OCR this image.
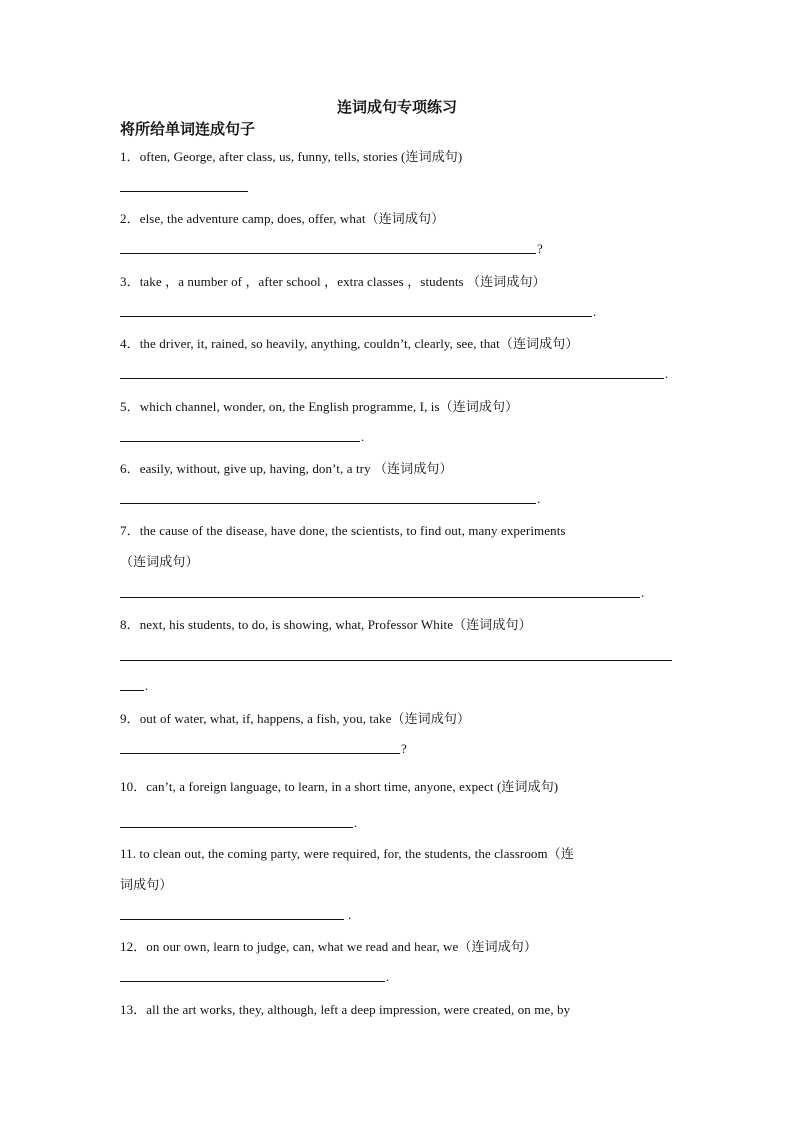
连词成句专项练习
将所给单词连成句子
1．often, George, after class, us, funny, tells, stories (连词成句)
2．else, the adventure camp, does, offer, what（连词成句）
?
3．take ，a number of ，after school ，extra classes ，students （连词成句）
.
4．the driver, it, rained, so heavily, anything, couldn’t, clearly, see, that（连词成句）
.
5．which channel, wonder, on, the English programme, I, is（连词成句）
.
6．easily, without, give up, having, don’t, a try （连词成句）
.
7．the cause of the disease, have done, the scientists, to find out, many experiments
（连词成句）
.
8．next, his students, to do, is showing, what, Professor White（连词成句）
.
9．out of water, what, if, happens, a fish, you, take（连词成句）
?
10．can’t, a foreign language, to learn, in a short time, anyone, expect (连词成句)
.
11. to clean out, the coming party, were required, for, the students, the classroom（连
词成句）
.
12．on our own, learn to judge, can, what we read and hear, we（连词成句）
.
13．all the art works, they, although, left a deep impression, were created, on me, by
